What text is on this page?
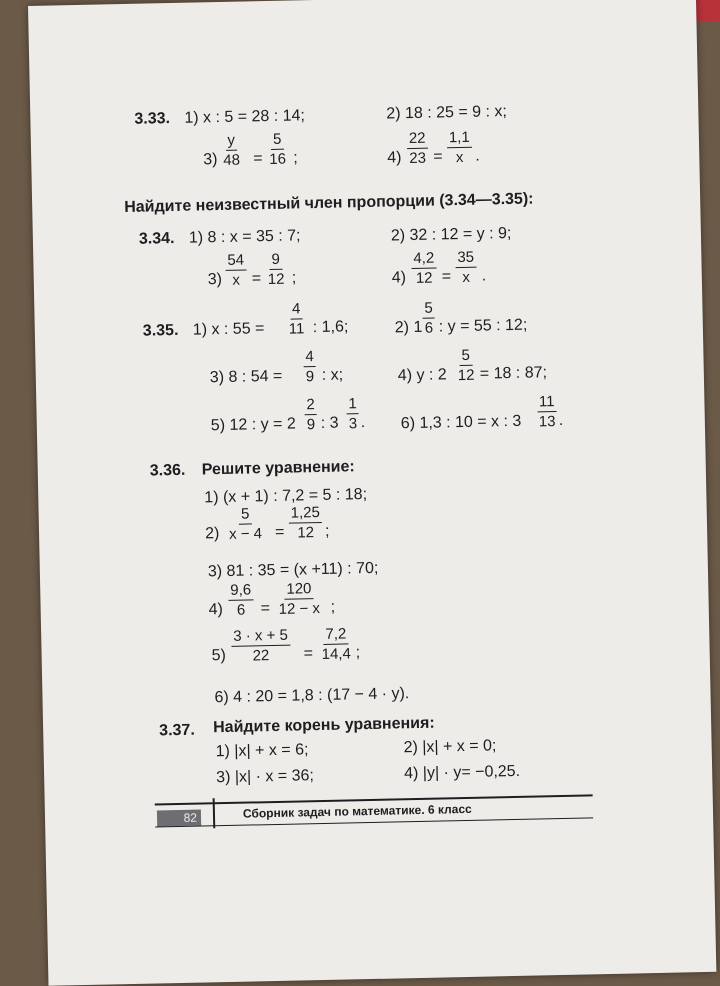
3.33. 1) x : 5 = 28 : 14;	2) 18 : 25 = 9 : x;
$3) \frac{y}{48} = \frac{5}{16}$ ;	$4) \frac{22}{23} = \frac{1,1}{x}$ .
Найдите неизвестный член пропорции (3.34—3.35):
3.34. 1) 8 : x = 35 : 7;	2) 32 : 12 = y : 9;
$3) \frac{54}{x} = \frac{9}{12}$ ;	$4) \frac{4,2}{12} = \frac{35}{x}$ .
3.35. 1) x : $55 = \frac{4}{11}$ : 1,6;	2) $1 \frac{5}{6}$ : y = 55 : 12;
3) 8 : $54 = \frac{4}{9}$ : x;	4) y : $2 \frac{5}{12} = 18$ : 87;
5) 12 : $y = 2 \frac{2}{9}$ : $3 \frac{1}{3}$ . 6) 1,3 : 10 = x : $3 \frac{11}{13}$ .
3.36. Решите уравнение:
1) (x + 1) : 7,2 = 5 : 18;
$2) \frac{5}{x - 4} = \frac{1,25}{12}$ ;
3) 81 : 35 = (x +11) : 70;
$4) \frac{9,6}{6} = \frac{120}{12 - x}$ ;
$5) \frac{3 \cdot x + 5}{22} = \frac{7,2}{14,4}$ ;
6) 4 : 20 = 1,8 : (17 − 4 · y).
3.37. Найдите корень уравнения:
1) |x| + x = 6;	2) |x| + x = 0;
3) |x| · x = 36;	4) |y| · y= −0,25.
82	Сборник задач по математике. 6 класс
